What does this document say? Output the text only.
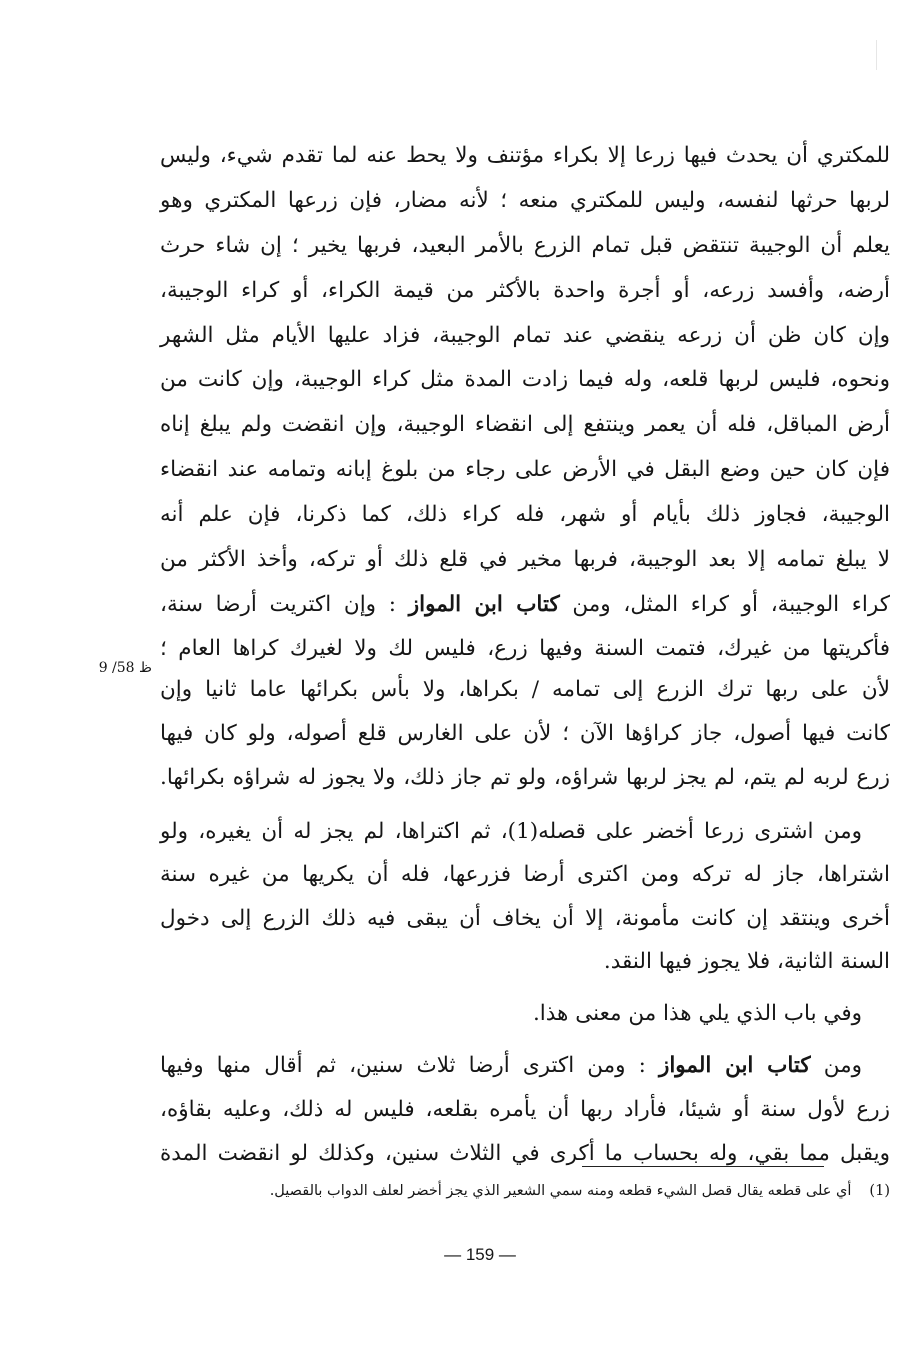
للمكتري أن يحدث فيها زرعا إلا بكراء مؤتنف ولا يحط عنه لما تقدم شيء، وليس
لربها حرثها لنفسه، وليس للمكتري منعه ؛ لأنه مضار، فإن زرعها المكتري وهو
يعلم أن الوجيبة تنتقض قبل تمام الزرع بالأمر البعيد، فربها يخير ؛ إن شاء حرث
أرضه، وأفسد زرعه، أو أجرة واحدة بالأكثر من قيمة الكراء، أو كراء الوجيبة،
وإن كان ظن أن زرعه ينقضي عند تمام الوجيبة، فزاد عليها الأيام مثل الشهر
ونحوه، فليس لربها قلعه، وله فيما زادت المدة مثل كراء الوجيبة، وإن كانت من
أرض المباقل، فله أن يعمر وينتفع إلى انقضاء الوجيبة، وإن انقضت ولم يبلغ إناه
فإن كان حين وضع البقل في الأرض على رجاء من بلوغ إبانه وتمامه عند انقضاء
الوجيبة، فجاوز ذلك بأيام أو شهر، فله كراء ذلك، كما ذكرنا، فإن علم أنه
لا يبلغ تمامه إلا بعد الوجيبة، فربها مخير في قلع ذلك أو تركه، وأخذ الأكثر من
كراء الوجيبة، أو كراء المثل، ومن كتاب ابن المواز : وإن اكتريت أرضا سنة،
فأكريتها من غيرك، فتمت السنة وفيها زرع، فليس لك ولا لغيرك كراها العام ؛
لأن على ربها ترك الزرع إلى تمامه / بكراها، ولا بأس بكرائها عاما ثانيا وإن
9 /58 ظ
كانت فيها أصول، جاز كراؤها الآن ؛ لأن على الغارس قلع أصوله، ولو كان فيها
زرع لربه لم يتم، لم يجز لربها شراؤه، ولو تم جاز ذلك، ولا يجوز له شراؤه بكرائها.
ومن اشترى زرعا أخضر على قصله(1)، ثم اكتراها، لم يجز له أن يغيره، ولو
اشتراها، جاز له تركه ومن اكترى أرضا فزرعها، فله أن يكريها من غيره سنة
أخرى وينتقد إن كانت مأمونة، إلا أن يخاف أن يبقى فيه ذلك الزرع إلى دخول
السنة الثانية، فلا يجوز فيها النقد.
وفي باب الذي يلي هذا من معنى هذا.
ومن كتاب ابن المواز : ومن اكترى أرضا ثلاث سنين، ثم أقال منها وفيها
زرع لأول سنة أو شيئا، فأراد ربها أن يأمره بقلعه، فليس له ذلك، وعليه بقاؤه،
ويقبل مما بقي، وله بحساب ما أكرى في الثلاث سنين، وكذلك لو انقضت المدة
(1)أي على قطعه يقال قصل الشيء قطعه ومنه سمي الشعير الذي يجز أخضر لعلف الدواب بالقصيل.
— 159 —
